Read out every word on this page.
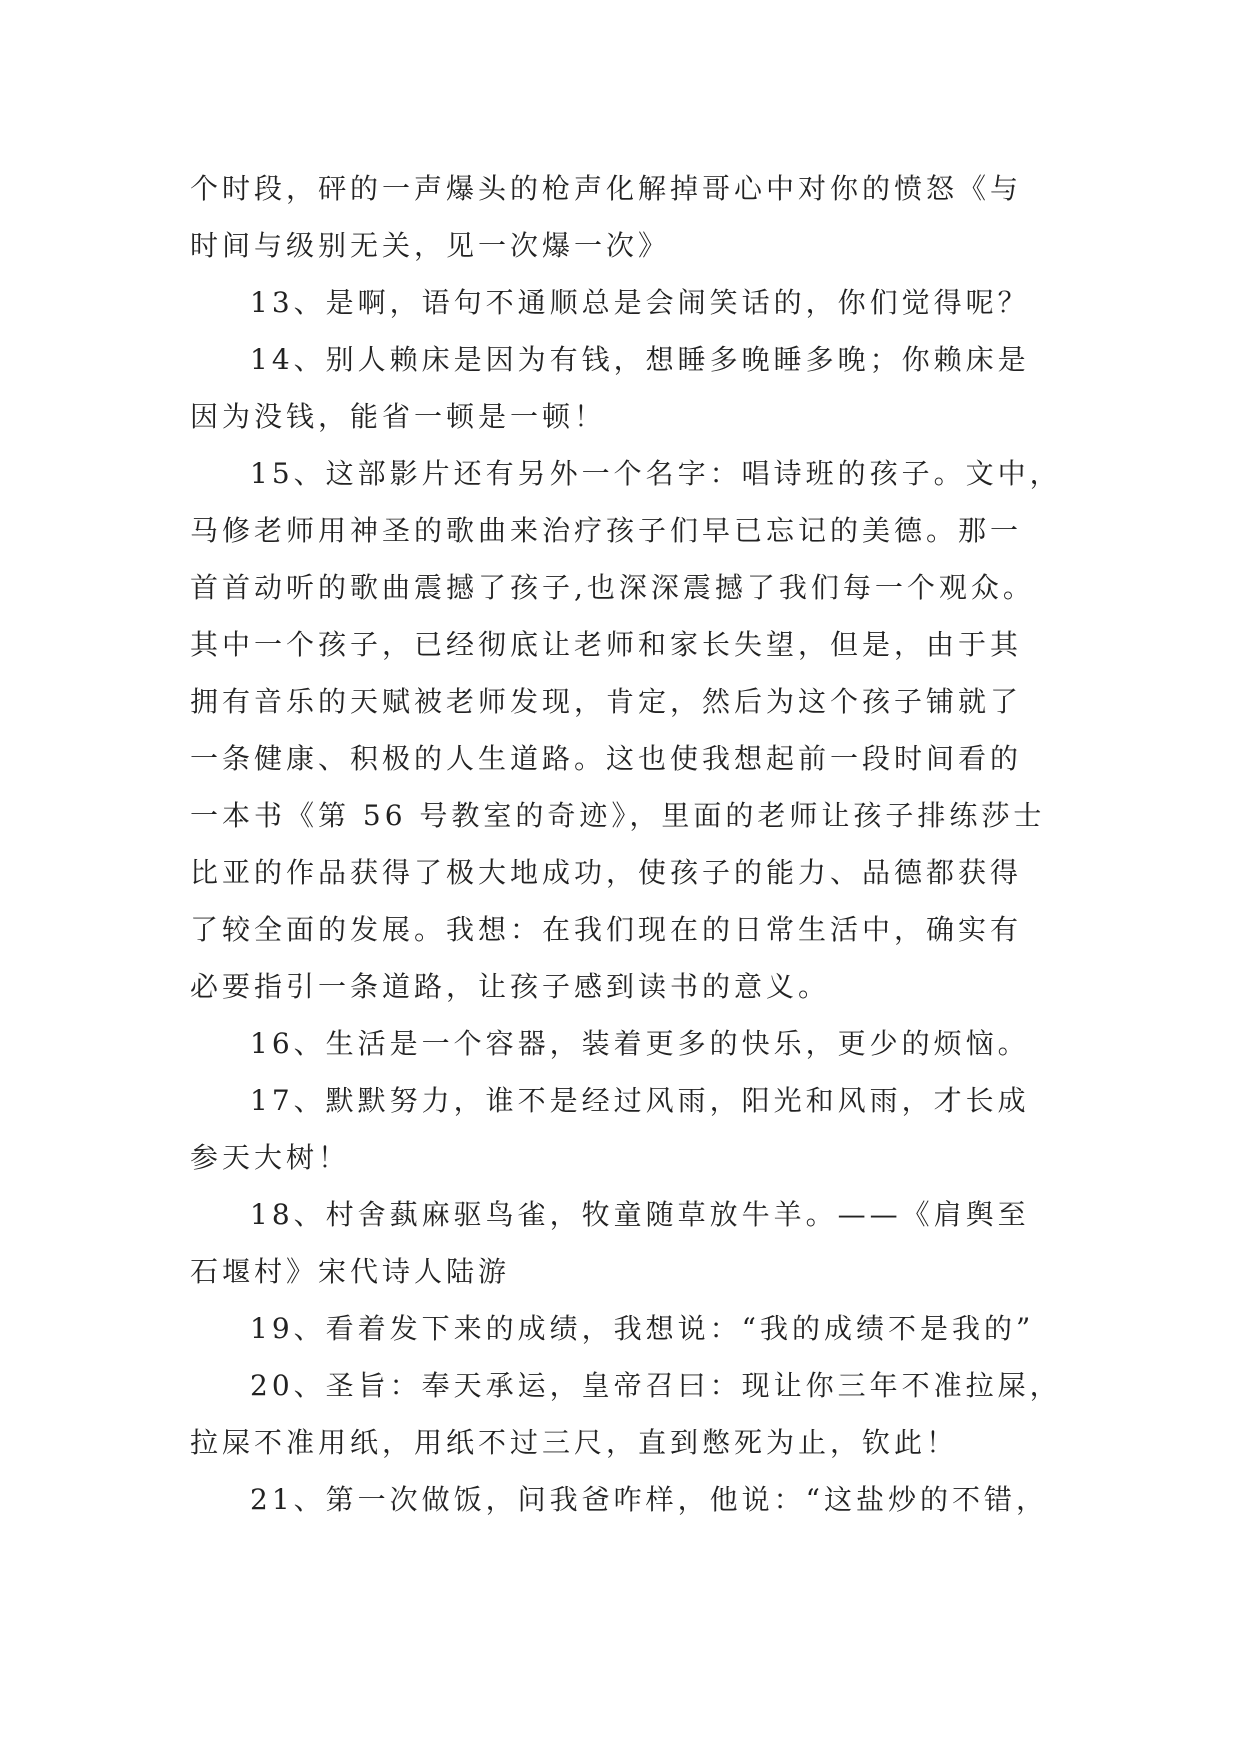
个时段，砰的一声爆头的枪声化解掉哥心中对你的愤怒《与
时间与级别无关，见一次爆一次》
13、是啊，语句不通顺总是会闹笑话的，你们觉得呢？
14、别人赖床是因为有钱，想睡多晚睡多晚；你赖床是
因为没钱，能省一顿是一顿！
15、这部影片还有另外一个名字：唱诗班的孩子。文中，
马修老师用神圣的歌曲来治疗孩子们早已忘记的美德。那一
首首动听的歌曲震撼了孩子,也深深震撼了我们每一个观众。
其中一个孩子，已经彻底让老师和家长失望，但是，由于其
拥有音乐的天赋被老师发现，肯定，然后为这个孩子铺就了
一条健康、积极的人生道路。这也使我想起前一段时间看的
一本书《第 56 号教室的奇迹》，里面的老师让孩子排练莎士
比亚的作品获得了极大地成功，使孩子的能力、品德都获得
了较全面的发展。我想：在我们现在的日常生活中，确实有
必要指引一条道路，让孩子感到读书的意义。
16、生活是一个容器，装着更多的快乐，更少的烦恼。
17、默默努力，谁不是经过风雨，阳光和风雨，才长成
参天大树！
18、村舍蓺麻驱鸟雀，牧童随草放牛羊。——《肩舆至
石堰村》宋代诗人陆游
19、看着发下来的成绩，我想说：“我的成绩不是我的”
20、圣旨：奉天承运，皇帝召曰：现让你三年不准拉屎，
拉屎不准用纸，用纸不过三尺，直到憋死为止，钦此！
21、第一次做饭，问我爸咋样，他说：“这盐炒的不错，
